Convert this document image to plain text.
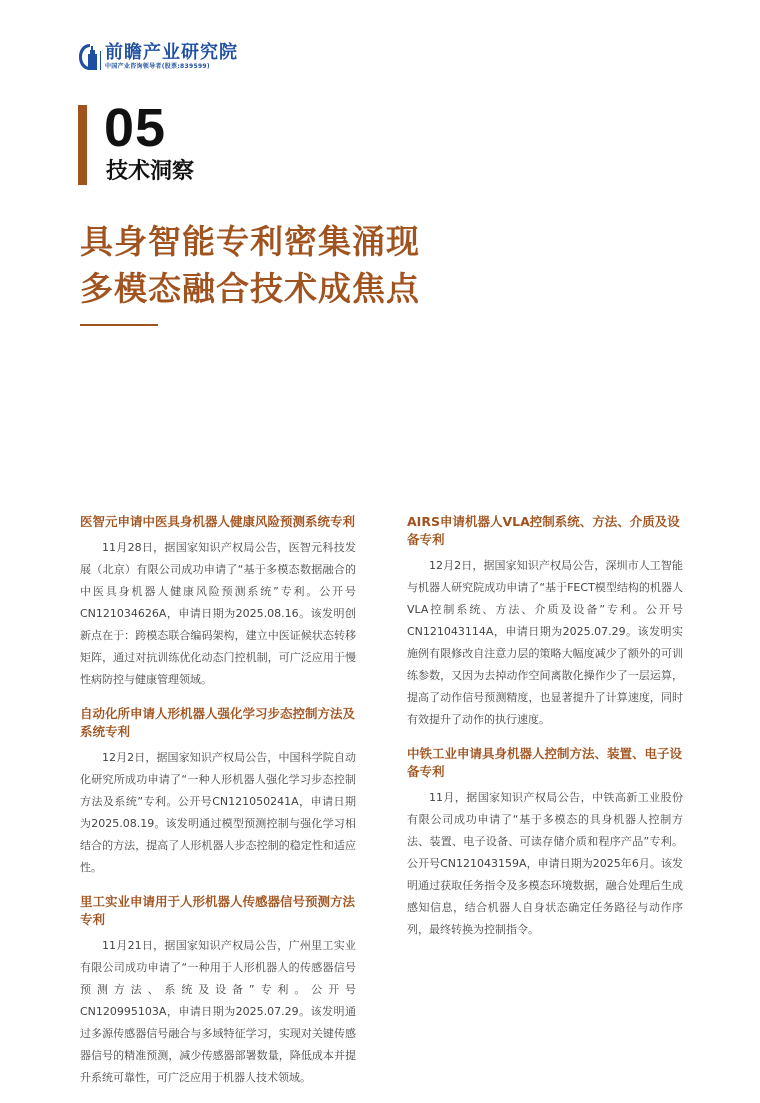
前瞻产业研究院
中国产业咨询领导者(股票:839599)
05
技术洞察
具身智能专利密集涌现
多模态融合技术成焦点
医智元申请中医具身机器人健康风险预测系统专利

11月28日，据国家知识产权局公告，医智元科技发展（北京）有限公司成功申请了“基于多模态数据融合的中医具身机器人健康风险预测系统”专利。公开号CN121034626A，申请日期为2025.08.16。该发明创新点在于：跨模态联合编码架构，建立中医证候状态转移矩阵，通过对抗训练优化动态门控机制，可广泛应用于慢性病防控与健康管理领域。

自动化所申请人形机器人强化学习步态控制方法及系统专利

12月2日，据国家知识产权局公告，中国科学院自动化研究所成功申请了“一种人形机器人强化学习步态控制方法及系统”专利。公开号CN121050241A，申请日期为2025.08.19。该发明通过模型预测控制与强化学习相结合的方法，提高了人形机器人步态控制的稳定性和适应性。

里工实业申请用于人形机器人传感器信号预测方法专利

11月21日，据国家知识产权局公告，广州里工实业有限公司成功申请了“一种用于人形机器人的传感器信号预测方法、系统及设备”专利。公开号CN120995103A，申请日期为2025.07.29。该发明通过多源传感器信号融合与多域特征学习，实现对关键传感器信号的精准预测，减少传感器部署数量，降低成本并提升系统可靠性，可广泛应用于机器人技术领域。

AIRS申请机器人VLA控制系统、方法、介质及设备专利

12月2日，据国家知识产权局公告，深圳市人工智能与机器人研究院成功申请了“基于FECT模型结构的机器人VLA控制系统、方法、介质及设备”专利。公开号CN121043114A，申请日期为2025.07.29。该发明实施例有限修改自注意力层的策略大幅度减少了额外的可训练参数，又因为去掉动作空间离散化操作少了一层运算，提高了动作信号预测精度，也显著提升了计算速度，同时有效提升了动作的执行速度。

中铁工业申请具身机器人控制方法、装置、电子设备专利

11月，据国家知识产权局公告，中铁高新工业股份有限公司成功申请了“基于多模态的具身机器人控制方法、装置、电子设备、可读存储介质和程序产品”专利。公开号CN121043159A，申请日期为2025年6月。该发明通过获取任务指令及多模态环境数据，融合处理后生成感知信息，结合机器人自身状态确定任务路径与动作序列，最终转换为控制指令。
